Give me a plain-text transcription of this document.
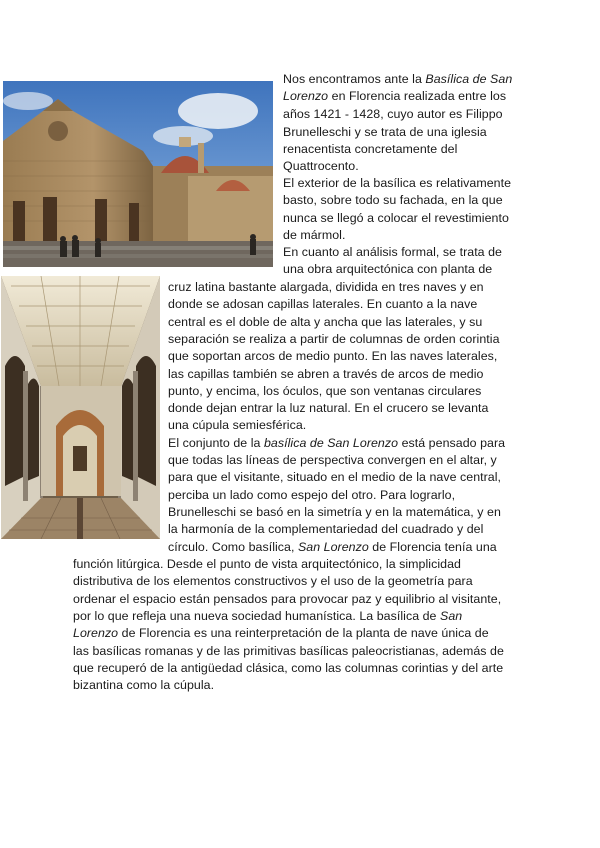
Nos encontramos ante la Basílica de San
Lorenzo en Florencia realizada entre los
años 1421 - 1428, cuyo autor es Filippo
Brunelleschi y se trata de una iglesia
renacentista concretamente del
Quattrocento.
El exterior de la basílica es relativamente
basto, sobre todo su fachada, en la que
nunca se llegó a colocar el revestimiento
de mármol.
En cuanto al análisis formal, se trata de
una obra arquitectónica con planta de
cruz latina bastante alargada, dividida en tres naves y en
donde se adosan capillas laterales. En cuanto a la nave
central es el doble de alta y ancha que las laterales, y su
separación se realiza a partir de columnas de orden corintia
que soportan arcos de medio punto. En las naves laterales,
las capillas también se abren a través de arcos de medio
punto, y encima, los óculos, que son ventanas circulares
donde dejan entrar la luz natural. En el crucero se levanta
una cúpula semiesférica.
El conjunto de la basílica de San Lorenzo está pensado para
que todas las líneas de perspectiva convergen en el altar, y
para que el visitante, situado en el medio de la nave central,
perciba un lado como espejo del otro. Para lograrlo,
Brunelleschi se basó en la simetría y en la matemática, y en
la harmonía de la complementariedad del cuadrado y del
círculo. Como basílica, San Lorenzo de Florencia tenía una
función litúrgica. Desde el punto de vista arquitectónico, la simplicidad
distributiva de los elementos constructivos y el uso de la geometría para
ordenar el espacio están pensados para provocar paz y equilibrio al visitante,
por lo que refleja una nueva sociedad humanística. La basílica de San
Lorenzo de Florencia es una reinterpretación de la planta de nave única de
las basílicas romanas y de las primitivas basílicas paleocristianas, además de
que recuperó de la antigüedad clásica, como las columnas corintias y del arte
bizantina como la cúpula.
